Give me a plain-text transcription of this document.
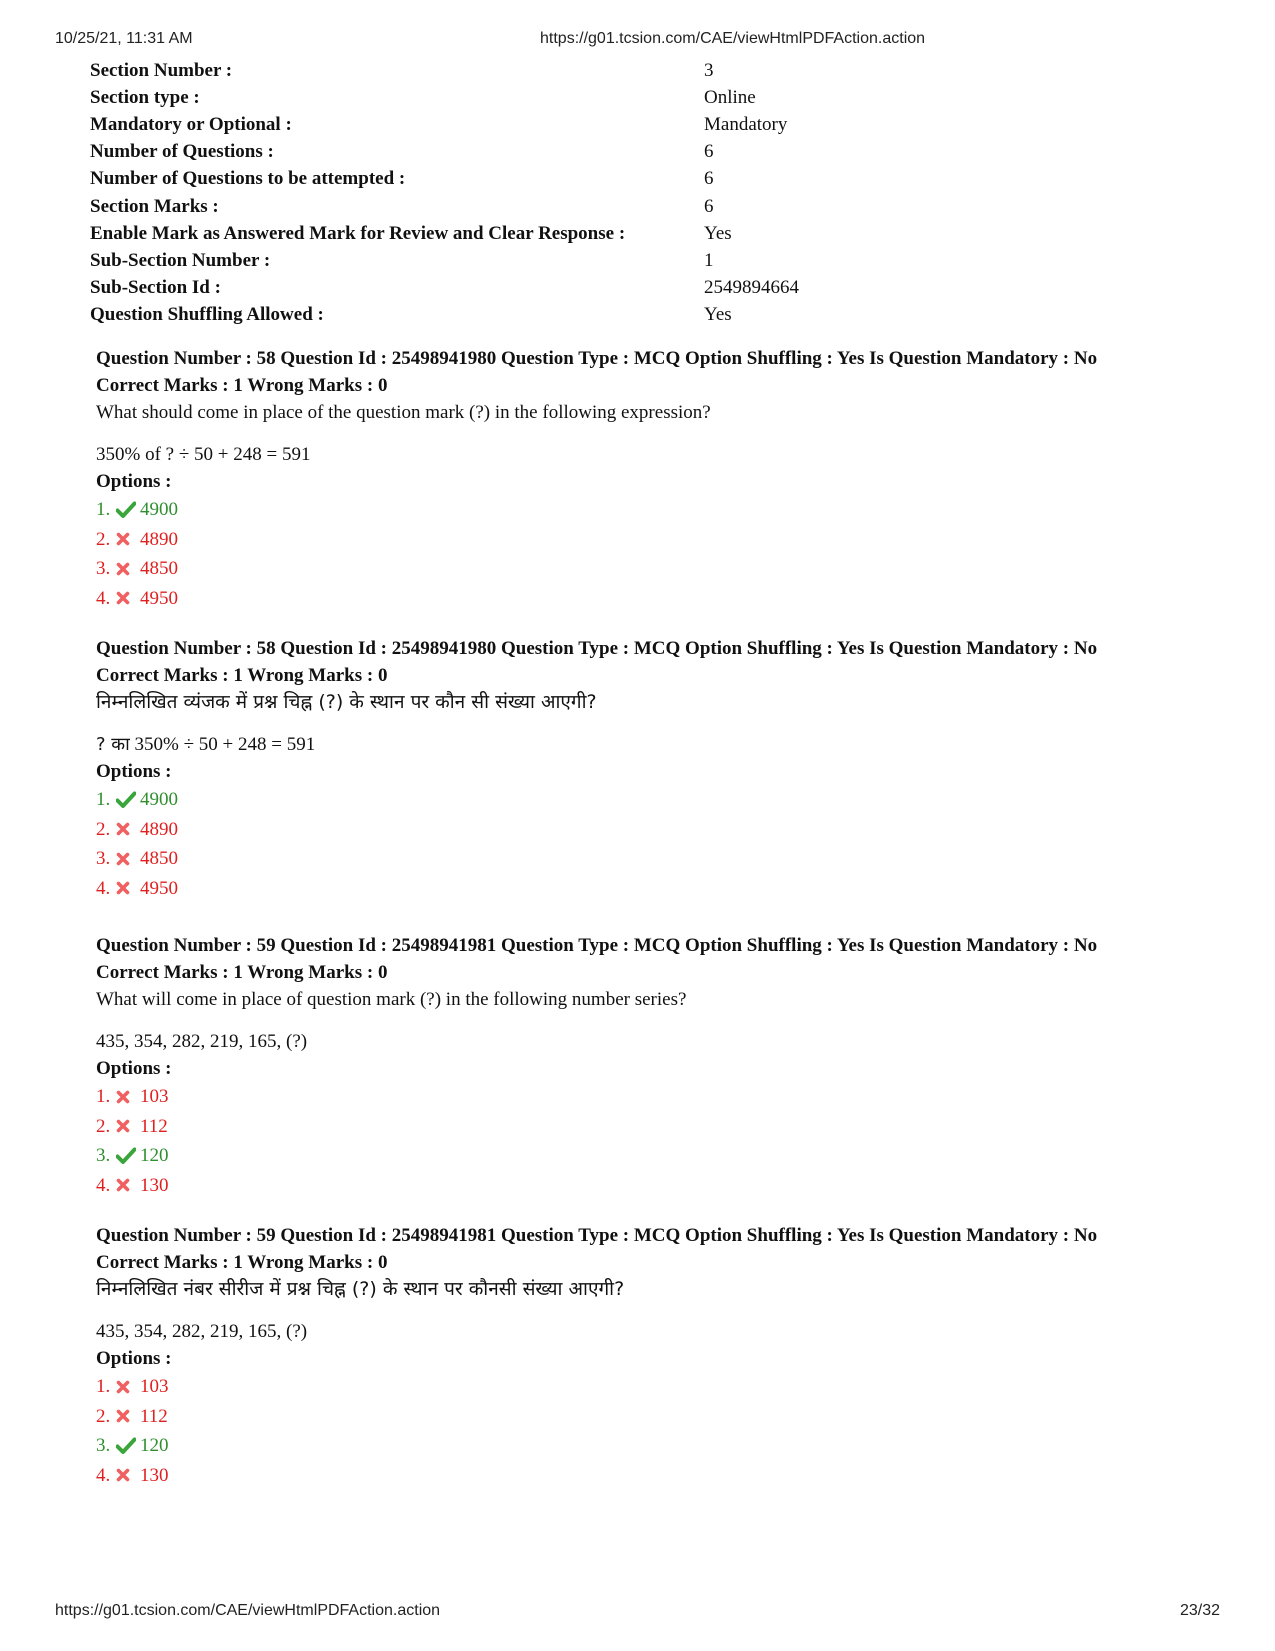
10/25/21, 11:31 AM	https://g01.tcsion.com/CAE/viewHtmlPDFAction.action
Section Number :	3
Section type :	Online
Mandatory or Optional :	Mandatory
Number of Questions :	6
Number of Questions to be attempted :	6
Section Marks :	6
Enable Mark as Answered Mark for Review and Clear Response :	Yes
Sub-Section Number :	1
Sub-Section Id :	2549894664
Question Shuffling Allowed :	Yes
Question Number : 58 Question Id : 25498941980 Question Type : MCQ Option Shuffling : Yes Is Question Mandatory : No
Correct Marks : 1 Wrong Marks : 0
What should come in place of the question mark (?) in the following expression?
350% of ? ÷ 50 + 248 = 591
Options :
1.	4900
2.	4890
3.	4850
4.	4950
Question Number : 58 Question Id : 25498941980 Question Type : MCQ Option Shuffling : Yes Is Question Mandatory : No
Correct Marks : 1 Wrong Marks : 0
निम्नलिखित व्यंजक में प्रश्न चिह्न (?) के स्थान पर कौन सी संख्या आएगी?
? का 350% ÷ 50 + 248 = 591
Options :
1.	4900
2.	4890
3.	4850
4.	4950
Question Number : 59 Question Id : 25498941981 Question Type : MCQ Option Shuffling : Yes Is Question Mandatory : No
Correct Marks : 1 Wrong Marks : 0
What will come in place of question mark (?) in the following number series?
435, 354, 282, 219, 165, (?)
Options :
1.	103
2.	112
3.	120
4.	130
Question Number : 59 Question Id : 25498941981 Question Type : MCQ Option Shuffling : Yes Is Question Mandatory : No
Correct Marks : 1 Wrong Marks : 0
निम्नलिखित नंबर सीरीज में प्रश्न चिह्न (?) के स्थान पर कौनसी संख्या आएगी?
435, 354, 282, 219, 165, (?)
Options :
1.	103
2.	112
3.	120
4.	130
https://g01.tcsion.com/CAE/viewHtmlPDFAction.action	23/32
